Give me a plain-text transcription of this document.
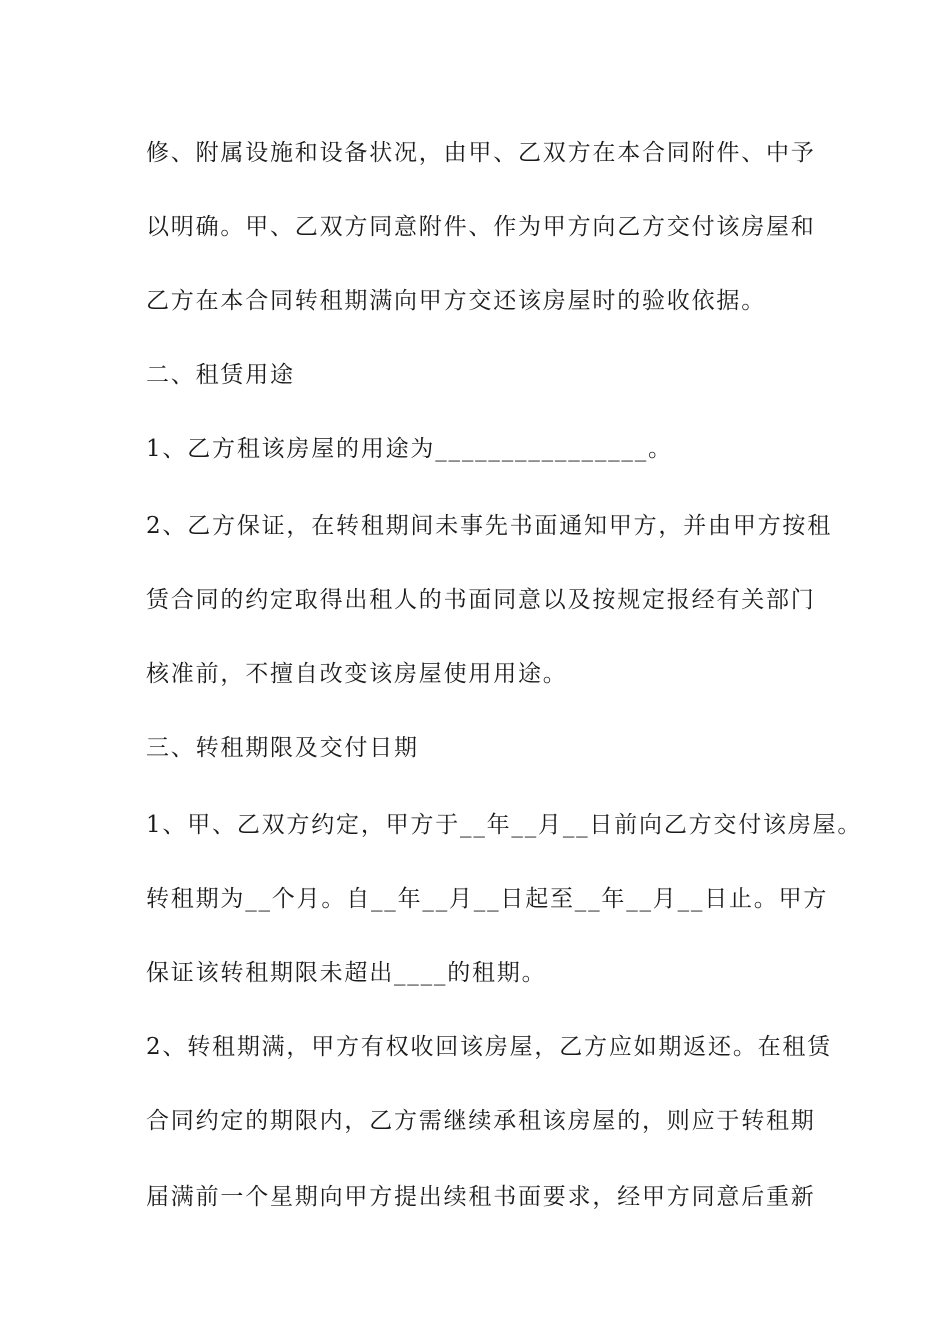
修、附属设施和设备状况，由甲、乙双方在本合同附件、中予
以明确。甲、乙双方同意附件、作为甲方向乙方交付该房屋和
乙方在本合同转租期满向甲方交还该房屋时的验收依据。
二、租赁用途
1、乙方租该房屋的用途为________________。
2、乙方保证，在转租期间未事先书面通知甲方，并由甲方按租
赁合同的约定取得出租人的书面同意以及按规定报经有关部门
核准前，不擅自改变该房屋使用用途。
三、转租期限及交付日期
1、甲、乙双方约定，甲方于__年__月__日前向乙方交付该房屋。
转租期为__个月。自__年__月__日起至__年__月__日止。甲方
保证该转租期限未超出____的租期。
2、转租期满，甲方有权收回该房屋，乙方应如期返还。在租赁
合同约定的期限内，乙方需继续承租该房屋的，则应于转租期
届满前一个星期向甲方提出续租书面要求，经甲方同意后重新
